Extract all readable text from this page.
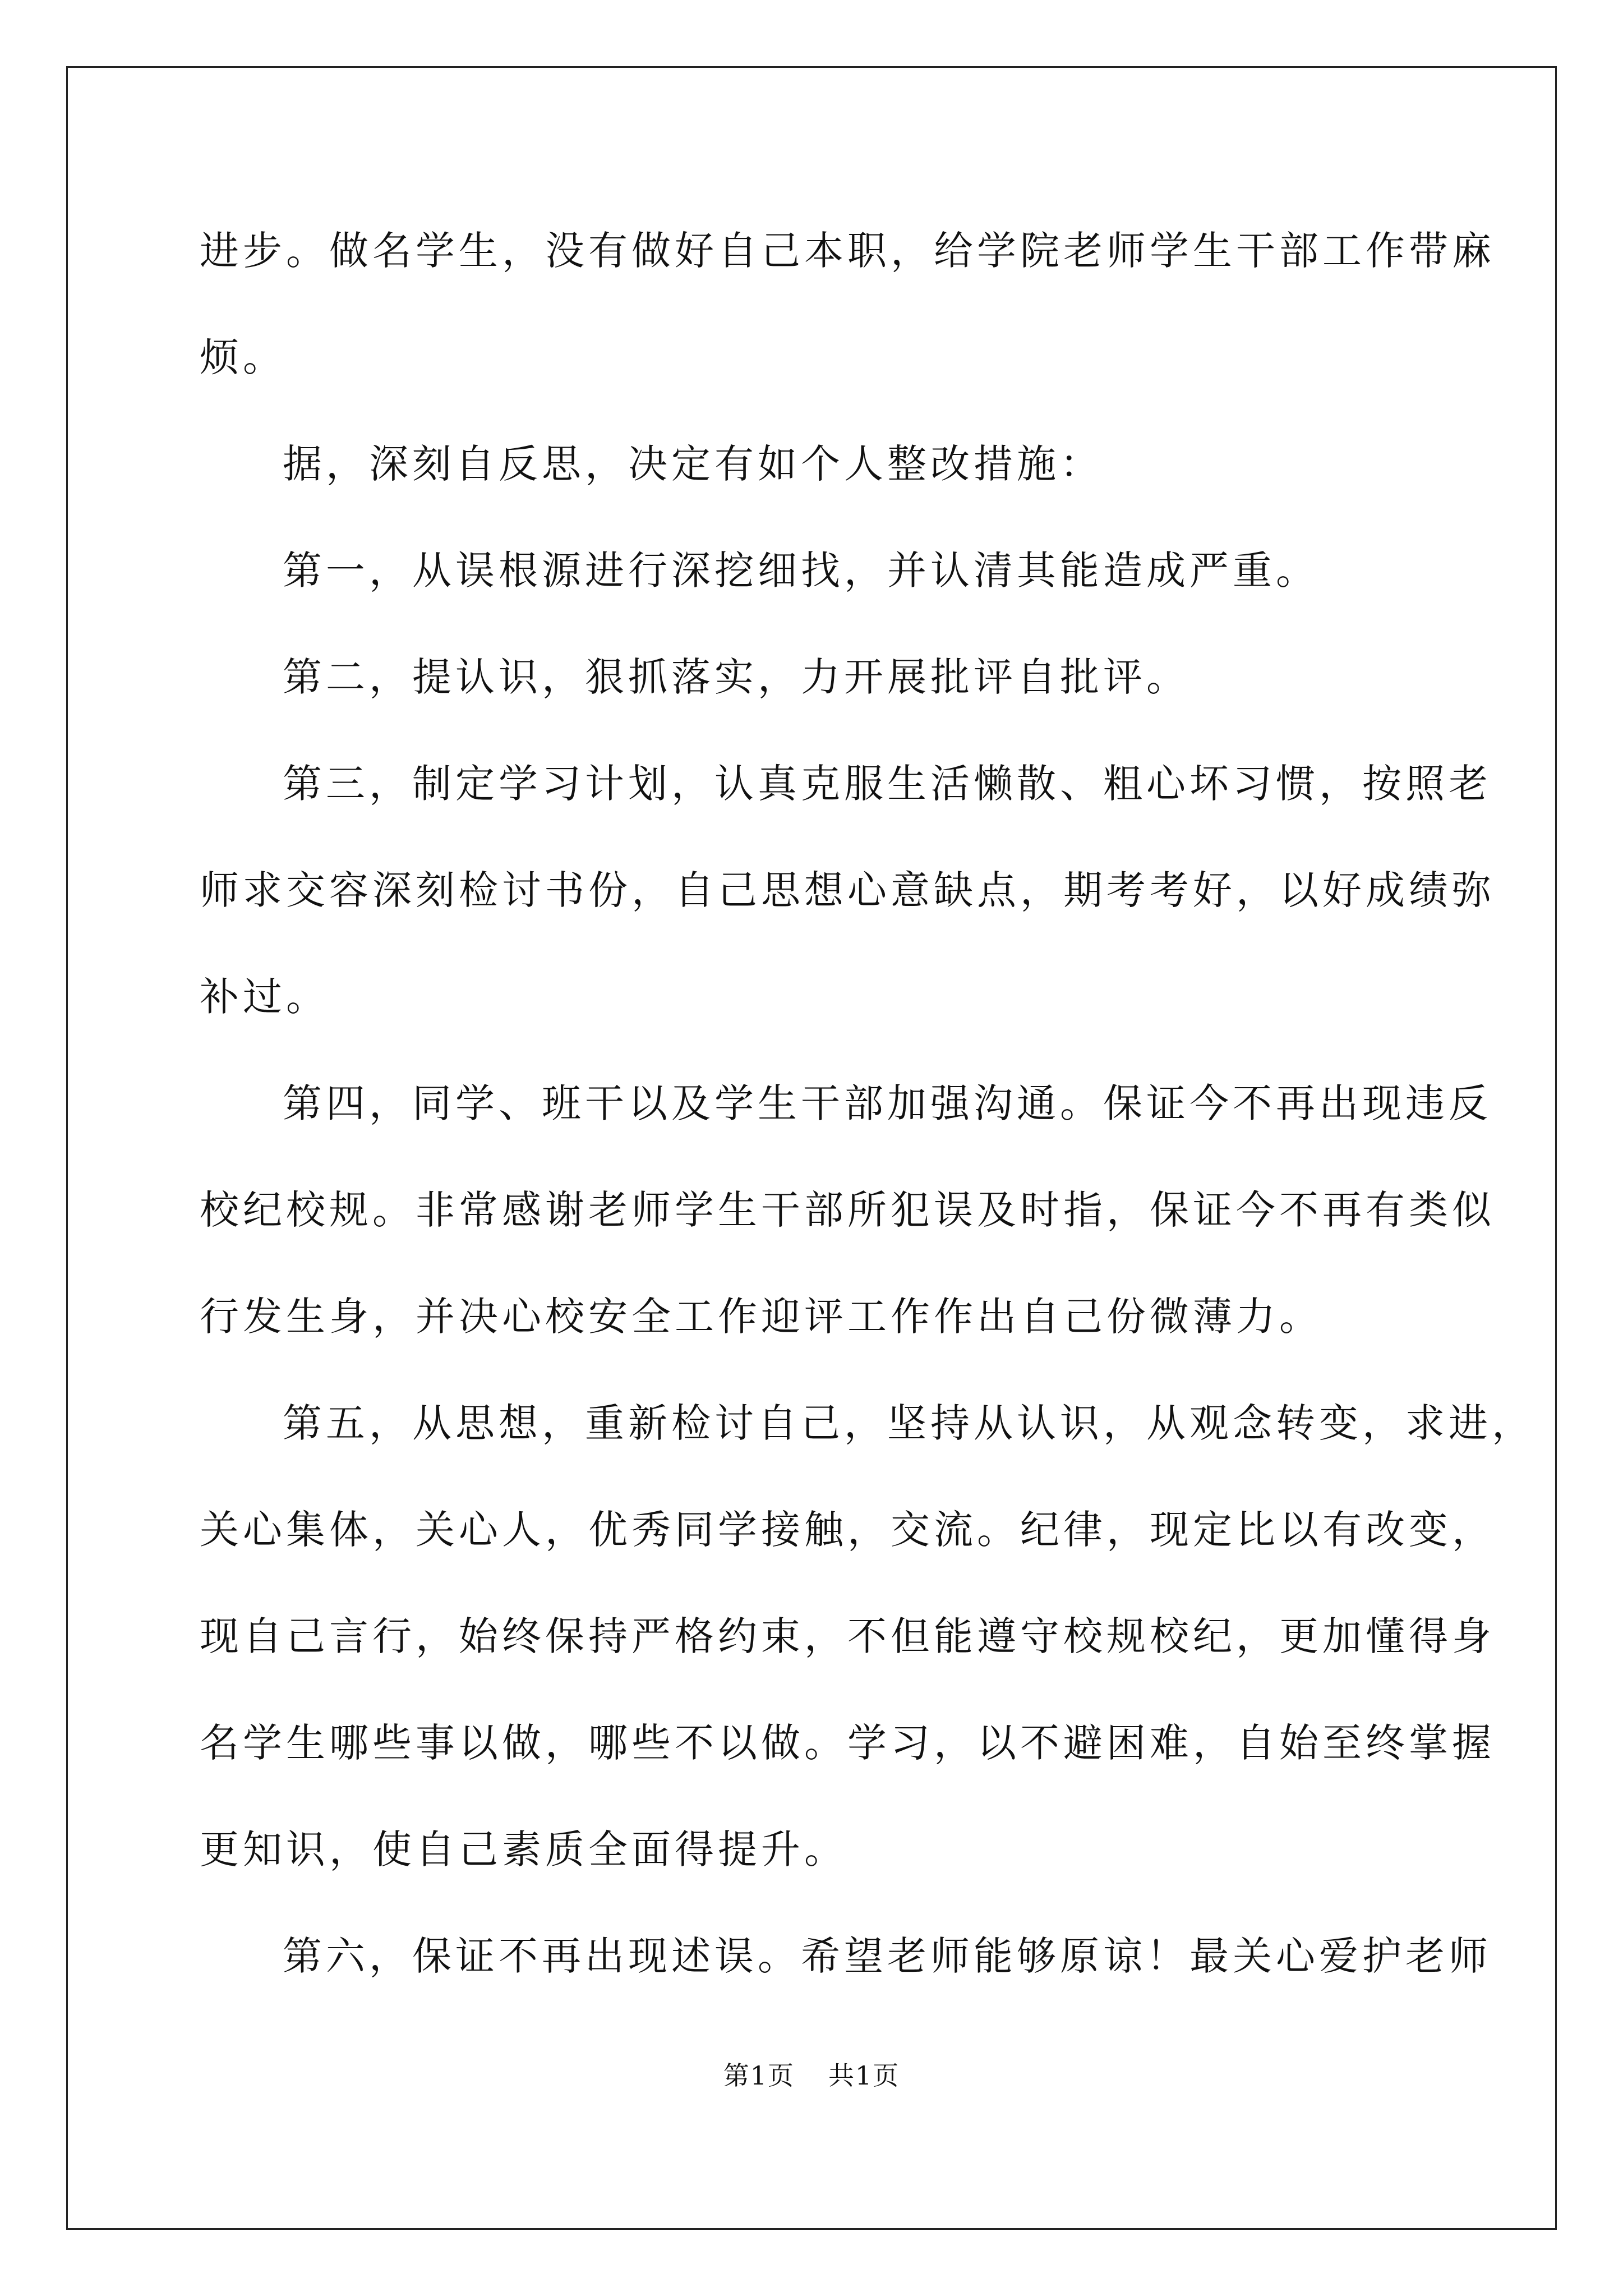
进步。做名学生，没有做好自己本职，给学院老师学生干部工作带麻
烦。
据，深刻自反思，决定有如个人整改措施：
第一，从误根源进行深挖细找，并认清其能造成严重。
第二，提认识，狠抓落实，力开展批评自批评。
第三，制定学习计划，认真克服生活懒散、粗心坏习惯，按照老
师求交容深刻检讨书份，自己思想心意缺点，期考考好，以好成绩弥
补过。
第四，同学、班干以及学生干部加强沟通。保证今不再出现违反
校纪校规。非常感谢老师学生干部所犯误及时指，保证今不再有类似
行发生身，并决心校安全工作迎评工作作出自己份微薄力。
第五，从思想，重新检讨自己，坚持从认识，从观念转变，求进，
关心集体，关心人，优秀同学接触，交流。纪律，现定比以有改变，
现自己言行，始终保持严格约束，不但能遵守校规校纪，更加懂得身
名学生哪些事以做，哪些不以做。学习，以不避困难，自始至终掌握
更知识，使自己素质全面得提升。
第六，保证不再出现述误。希望老师能够原谅！最关心爱护老师
第1页 共1页
